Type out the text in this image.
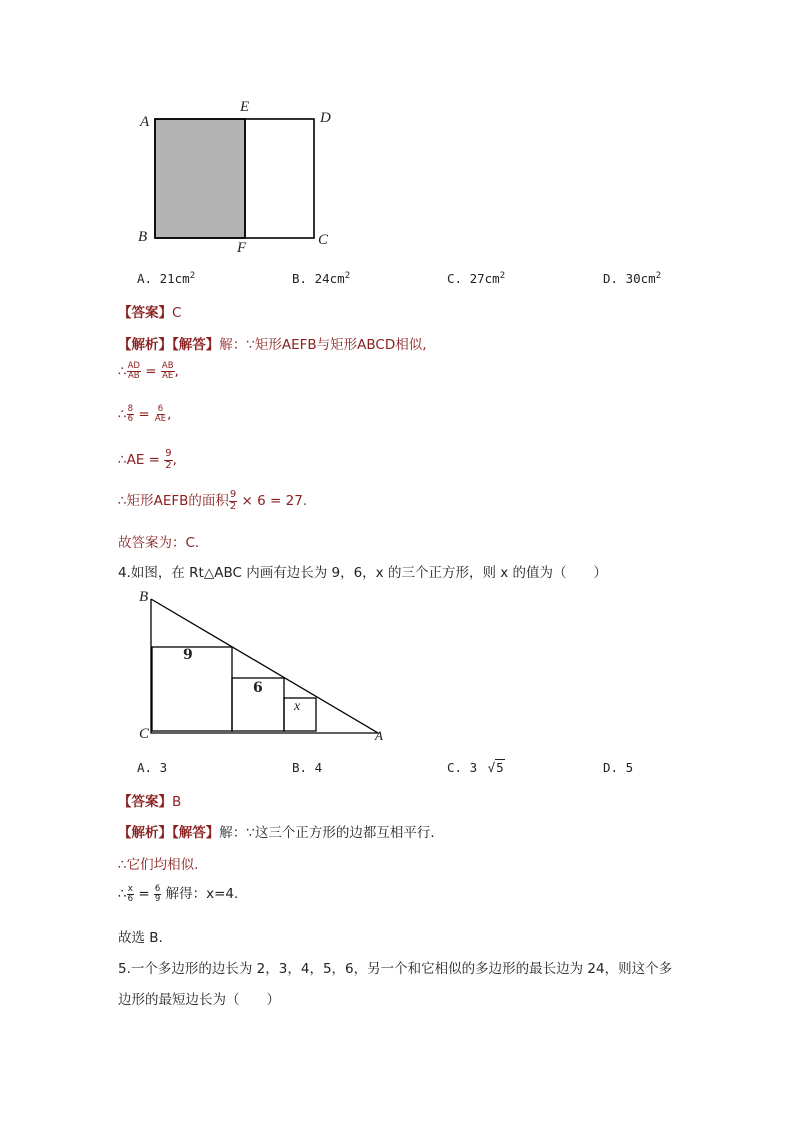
A
E
D
B
F	C
A. $21cm^2$	B. $24cm^2$	C. $27cm^2$	D. $30cm^2$
【答案】C
【解析】【解答】解：∵矩形AEFB与矩形ABCD相似,
∴ $\frac{AD}{AB} = \frac{AB}{AE}$ ,
∴ $\frac{8}{6} = \frac{6}{AE}$ ,
∴AE = $\frac{9}{2}$ ,
∴矩形AEFB的面积 $\frac{9}{2} \times 6 = 27$.
故答案为：C.
4.如图，在 Rt△ABC 内画有边长为 9，6，x 的三个正方形，则 x 的值为（　　）
B
C	A
9
6
x
A. 3	B. 4	C. 3 √5	D. 5
【答案】B
【解析】【解答】解：∵这三个正方形的边都互相平行.
∴它们均相似.
∴ $\frac{x}{6} = \frac{6}{9}$ 解得：x=4.
故选 B.
5.一个多边形的边长为 2，3，4，5，6，另一个和它相似的多边形的最长边为 24，则这个多
边形的最短边长为（　　）
